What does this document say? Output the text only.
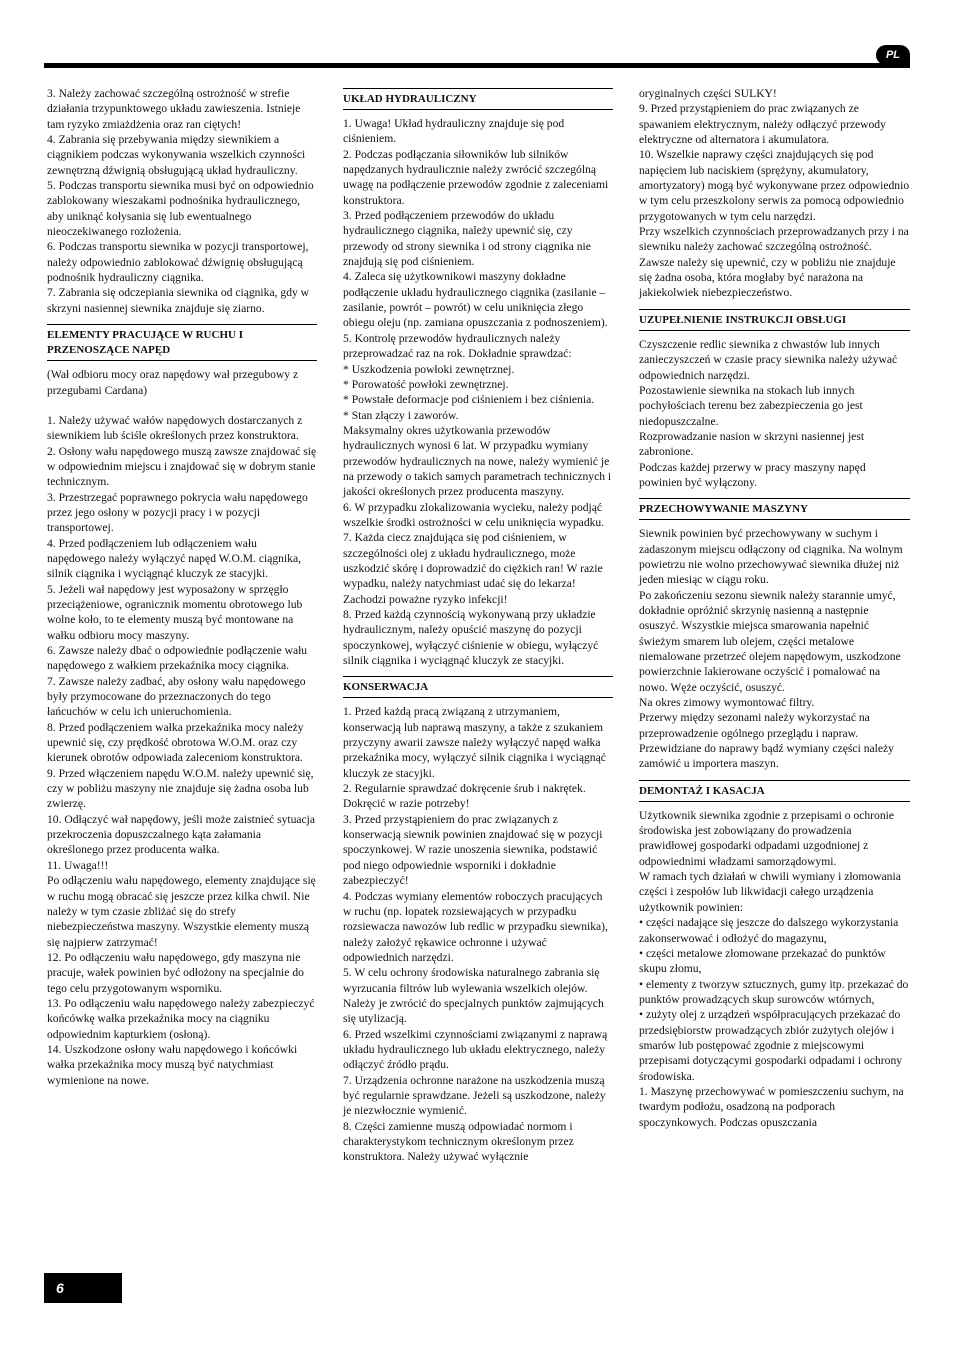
PL

3. Należy zachować szczególną ostrożność w strefie działania trzypunktowego układu zawieszenia. Istnieje tam ryzyko zmiażdżenia oraz ran ciętych!

4. Zabrania się przebywania między siewnikiem a ciągnikiem podczas wykonywania wszelkich czynności zewnętrzną dźwignią obsługującą układ hydrauliczny.

5. Podczas transportu siewnika musi być on odpowiednio zablokowany wieszakami podnośnika hydraulicznego, aby uniknąć kołysania się lub ewentualnego nieoczekiwanego rozłożenia.

6. Podczas transportu siewnika w pozycji transportowej, należy odpowiednio zablokować dźwignię obsługującą podnośnik hydrauliczny ciągnika.

7. Zabrania się odczepiania siewnika od ciągnika, gdy w skrzyni nasiennej siewnika znajduje się ziarno.

ELEMENTY PRACUJĄCE W RUCHU I PRZENOSZĄCE NAPĘD

(Wał odbioru mocy oraz napędowy wał przegubowy z przegubami Cardana)

1. Należy używać wałów napędowych dostarczanych z siewnikiem lub ściśle określonych przez konstruktora.

2. Osłony wału napędowego muszą zawsze znajdować się w odpowiednim miejscu i znajdować się w dobrym stanie technicznym.

3. Przestrzegać poprawnego pokrycia wału napędowego przez jego osłony w pozycji pracy i w pozycji transportowej.

4. Przed podłączeniem lub odłączeniem wału napędowego należy wyłączyć napęd W.O.M. ciągnika, silnik ciągnika i wyciągnąć kluczyk ze stacyjki.

5. Jeżeli wał napędowy jest wyposażony w sprzęgło przeciążeniowe, ogranicznik momentu obrotowego lub wolne koło, to te elementy muszą być montowane na wałku odbioru mocy maszyny.

6. Zawsze należy dbać o odpowiednie podłączenie wału napędowego z wałkiem przekaźnika mocy ciągnika.

7. Zawsze należy zadbać, aby osłony wału napędowego były przymocowane do przeznaczonych do tego łańcuchów w celu ich unieruchomienia.

8. Przed podłączeniem wałka przekaźnika mocy należy upewnić się, czy prędkość obrotowa W.O.M. oraz czy kierunek obrotów odpowiada zaleceniom konstruktora.

9. Przed włączeniem napędu W.O.M. należy upewnić się, czy w pobliżu maszyny nie znajduje się żadna osoba lub zwierzę.

10. Odłączyć wał napędowy, jeśli może zaistnieć sytuacja przekroczenia dopuszczalnego kąta załamania określonego przez producenta wałka.

11. Uwaga!!!

Po odłączeniu wału napędowego, elementy znajdujące się w ruchu mogą obracać się jeszcze przez kilka chwil. Nie należy w tym czasie zbliżać się do strefy niebezpieczeństwa maszyny. Wszystkie elementy muszą się najpierw zatrzymać!

12. Po odłączeniu wału napędowego, gdy maszyna nie pracuje, wałek powinien być odłożony na specjalnie do tego celu przygotowanym wsporniku.

13. Po odłączeniu wału napędowego należy zabezpieczyć końcówkę wałka przekaźnika mocy na ciągniku odpowiednim kapturkiem (osłoną).

14. Uszkodzone osłony wału napędowego i końcówki wałka przekaźnika mocy muszą być natychmiast wymienione na nowe.

UKŁAD HYDRAULICZNY

1. Uwaga! Układ hydrauliczny znajduje się pod ciśnieniem.

2. Podczas podłączania siłowników lub silników napędzanych hydraulicznie należy zwrócić szczególną uwagę na podłączenie przewodów zgodnie z zaleceniami konstruktora.

3. Przed podłączeniem przewodów do układu hydraulicznego ciągnika, należy upewnić się, czy przewody od strony siewnika i od strony ciągnika nie znajdują się pod ciśnieniem.

4. Zaleca się użytkownikowi maszyny dokładne podłączenie układu hydraulicznego ciągnika (zasilanie – zasilanie, powrót – powrót) w celu uniknięcia złego obiegu oleju (np. zamiana opuszczania z podnoszeniem).

5. Kontrolę przewodów hydraulicznych należy przeprowadzać raz na rok. Dokładnie sprawdzać:

* Uszkodzenia powłoki zewnętrznej.

* Porowatość powłoki zewnętrznej.

* Powstałe deformacje pod ciśnieniem i bez ciśnienia.

* Stan złączy i zaworów.

Maksymalny okres użytkowania przewodów hydraulicznych wynosi 6 lat. W przypadku wymiany przewodów hydraulicznych na nowe, należy wymienić je na przewody o takich samych parametrach technicznych i jakości określonych przez producenta maszyny.

6. W przypadku zlokalizowania wycieku, należy podjąć wszelkie środki ostrożności w celu uniknięcia wypadku.

7. Każda ciecz znajdująca się pod ciśnieniem, w szczególności olej z układu hydraulicznego, może uszkodzić skórę i doprowadzić do ciężkich ran! W razie wypadku, należy natychmiast udać się do lekarza! Zachodzi poważne ryzyko infekcji!

8. Przed każdą czynnością wykonywaną przy układzie hydraulicznym, należy opuścić maszynę do pozycji spoczynkowej, wyłączyć ciśnienie w obiegu, wyłączyć silnik ciągnika i wyciągnąć kluczyk ze stacyjki.

KONSERWACJA

1. Przed każdą pracą związaną z utrzymaniem, konserwacją lub naprawą maszyny, a także z szukaniem przyczyny awarii zawsze należy wyłączyć napęd wałka przekaźnika mocy, wyłączyć silnik ciągnika i wyciągnąć kluczyk ze stacyjki.

2. Regularnie sprawdzać dokręcenie śrub i nakrętek. Dokręcić w razie potrzeby!

3. Przed przystąpieniem do prac związanych z konserwacją siewnik powinien znajdować się w pozycji spoczynkowej. W razie unoszenia siewnika, podstawić pod niego odpowiednie wsporniki i dokładnie zabezpieczyć!

4. Podczas wymiany elementów roboczych pracujących w ruchu (np. łopatek rozsiewających w przypadku rozsiewacza nawozów lub redlic w przypadku siewnika), należy założyć rękawice ochronne i używać odpowiednich narzędzi.

5. W celu ochrony środowiska naturalnego zabrania się wyrzucania filtrów lub wylewania wszelkich olejów. Należy je zwrócić do specjalnych punktów zajmujących się utylizacją.

6. Przed wszelkimi czynnościami związanymi z naprawą układu hydraulicznego lub układu elektrycznego, należy odłączyć źródło prądu.

7. Urządzenia ochronne narażone na uszkodzenia muszą być regularnie sprawdzane. Jeżeli są uszkodzone, należy je niezwłocznie wymienić.

8. Części zamienne muszą odpowiadać normom i charakterystykom technicznym określonym przez konstruktora. Należy używać wyłącznie

oryginalnych części SULKY!

9. Przed przystąpieniem do prac związanych ze spawaniem elektrycznym, należy odłączyć przewody elektryczne od alternatora i akumulatora.

10. Wszelkie naprawy części znajdujących się pod napięciem lub naciskiem (sprężyny, akumulatory, amortyzatory) mogą być wykonywane przez odpowiednio w tym celu przeszkolony serwis za pomocą odpowiednio przygotowanych w tym celu narzędzi.

Przy wszelkich czynnościach przeprowadzanych przy i na siewniku należy zachować szczególną ostrożność. Zawsze należy się upewnić, czy w pobliżu nie znajduje się żadna osoba, która mogłaby być narażona na jakiekolwiek niebezpieczeństwo.

UZUPEŁNIENIE INSTRUKCJI OBSŁUGI

Czyszczenie redlic siewnika z chwastów lub innych zanieczyszczeń w czasie pracy siewnika należy używać odpowiednich narzędzi.

Pozostawienie siewnika na stokach lub innych pochyłościach terenu bez zabezpieczenia go jest niedopuszczalne.

Rozprowadzanie nasion w skrzyni nasiennej jest zabronione.

Podczas każdej przerwy w pracy maszyny napęd powinien być wyłączony.

PRZECHOWYWANIE MASZYNY

Siewnik powinien być przechowywany w suchym i zadaszonym miejscu odłączony od ciągnika. Na wolnym powietrzu nie wolno przechowywać siewnika dłużej niż jeden miesiąc w ciągu roku.

Po zakończeniu sezonu siewnik należy starannie umyć, dokładnie opróżnić skrzynię nasienną a następnie osuszyć. Wszystkie miejsca smarowania napełnić świeżym smarem lub olejem, części metalowe niemalowane przetrzeć olejem napędowym, uszkodzone powierzchnie lakierowane oczyścić i pomalować na nowo. Węże oczyścić, osuszyć.

Na okres zimowy wymontować filtry.

Przerwy między sezonami należy wykorzystać na przeprowadzenie ogólnego przeglądu i napraw. Przewidziane do naprawy bądź wymiany części należy zamówić u importera maszyn.

DEMONTAŻ I KASACJA

Użytkownik siewnika zgodnie z przepisami o ochronie środowiska jest zobowiązany do prowadzenia prawidłowej gospodarki odpadami uzgodnionej z odpowiednimi władzami samorządowymi.

W ramach tych działań w chwili wymiany i złomowania części i zespołów lub likwidacji całego urządzenia użytkownik powinien:

• części nadające się jeszcze do dalszego wykorzystania zakonserwować i odłożyć do magazynu,

• części metalowe złomowane przekazać do punktów skupu złomu,

• elementy z tworzyw sztucznych, gumy itp. przekazać do punktów prowadzących skup surowców wtórnych,

• zużyty olej z urządzeń współpracujących przekazać do przedsiębiorstw prowadzących zbiór zużytych olejów i smarów lub postępować zgodnie z miejscowymi przepisami dotyczącymi gospodarki odpadami i ochrony środowiska.

1. Maszynę przechowywać w pomieszczeniu suchym, na twardym podłożu, osadzoną na podporach spoczynkowych. Podczas opuszczania

6
